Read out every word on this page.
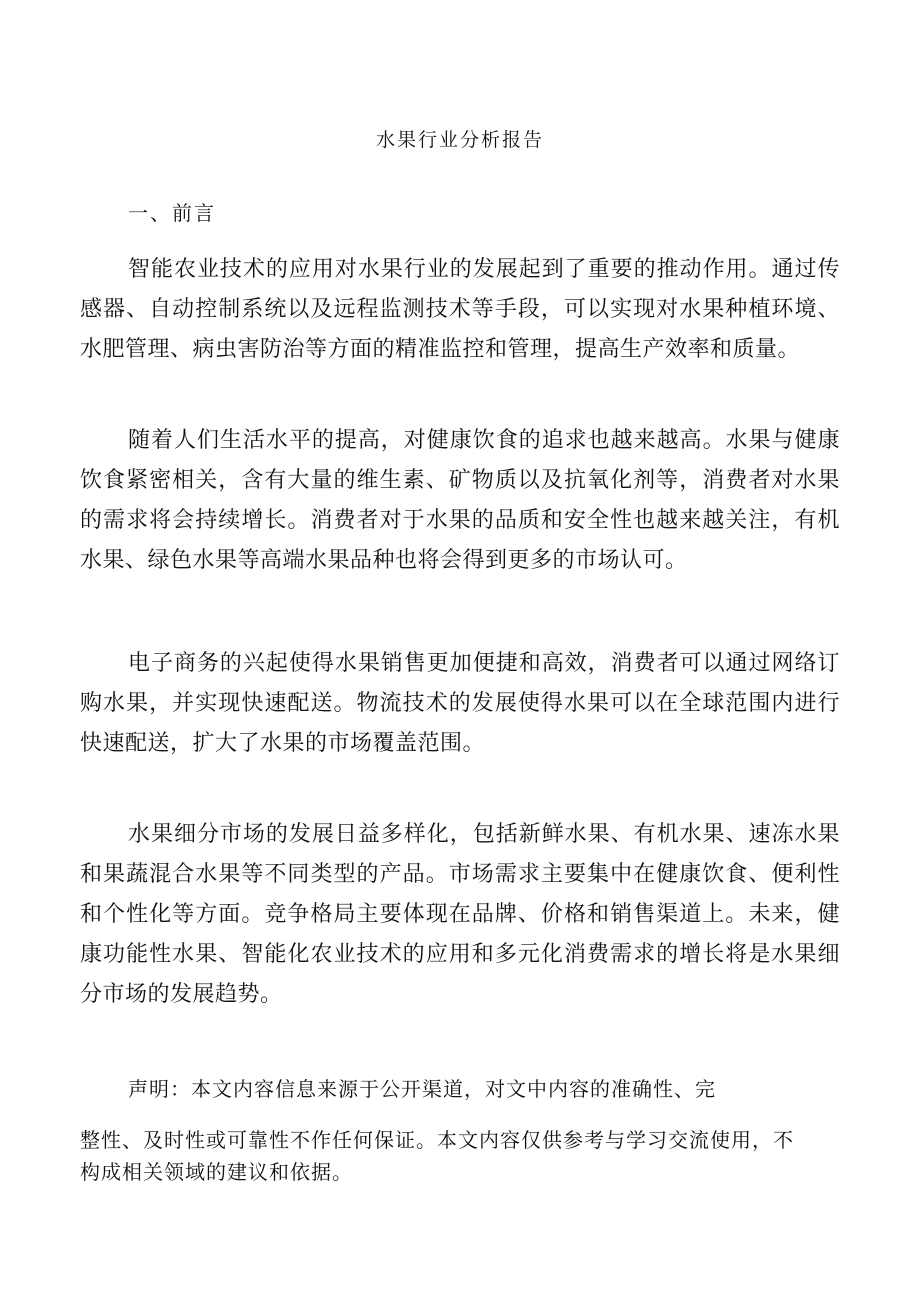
水果行业分析报告
一、前言

智能农业技术的应用对水果行业的发展起到了重要的推动作用。通过传感器、自动控制系统以及远程监测技术等手段，可以实现对水果种植环境、水肥管理、病虫害防治等方面的精准监控和管理，提高生产效率和质量。

随着人们生活水平的提高，对健康饮食的追求也越来越高。水果与健康饮食紧密相关，含有大量的维生素、矿物质以及抗氧化剂等，消费者对水果的需求将会持续增长。消费者对于水果的品质和安全性也越来越关注，有机水果、绿色水果等高端水果品种也将会得到更多的市场认可。

电子商务的兴起使得水果销售更加便捷和高效，消费者可以通过网络订购水果，并实现快速配送。物流技术的发展使得水果可以在全球范围内进行快速配送，扩大了水果的市场覆盖范围。

水果细分市场的发展日益多样化，包括新鲜水果、有机水果、速冻水果和果蔬混合水果等不同类型的产品。市场需求主要集中在健康饮食、便利性和个性化等方面。竞争格局主要体现在品牌、价格和销售渠道上。未来，健康功能性水果、智能化农业技术的应用和多元化消费需求的增长将是水果细分市场的发展趋势。

声明：本文内容信息来源于公开渠道，对文中内容的准确性、完

整性、及时性或可靠性不作任何保证。本文内容仅供参考与学习交流使用，不构成相关领域的建议和依据。
